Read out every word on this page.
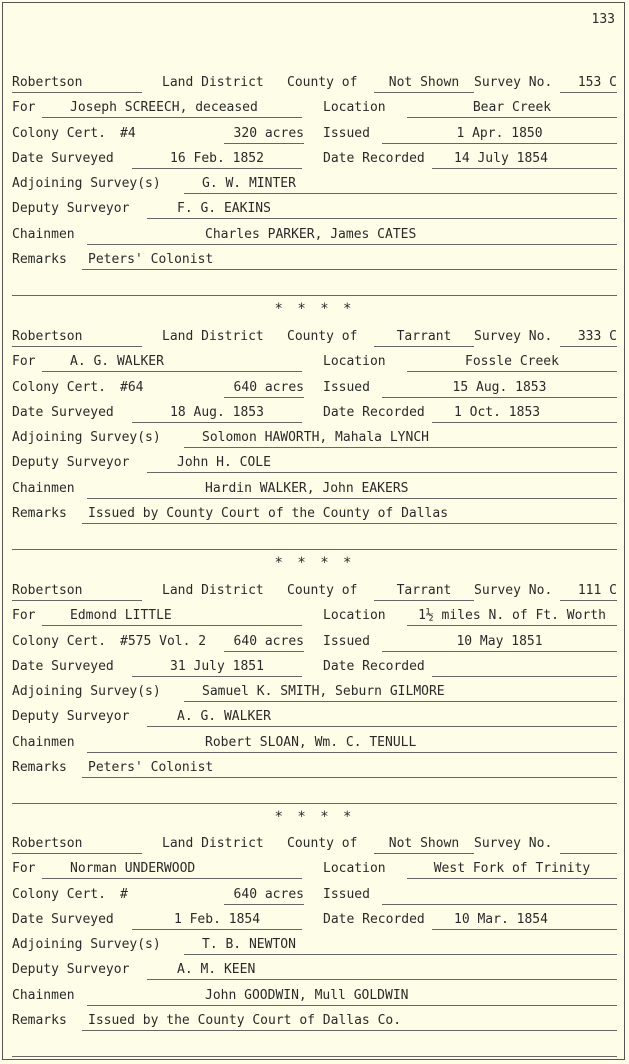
133
Robertson	Land District County of	Not Shown	Survey No. 153 C
For	Joseph SCREECH, deceased	Location	Bear Creek
Colony Cert. #4	320 acres Issued	1 Apr. 1850
Date Surveyed	16 Feb. 1852	Date Recorded 14 July 1854
Adjoining Survey(s)	G. W. MINTER
Deputy Surveyor	F. G. EAKINS
Chainmen	Charles PARKER, James CATES
Remarks Peters' Colonist
* * * *
Robertson	Land District County of	Tarrant	Survey No. 333 C
For	A. G. WALKER	Location	Fossle Creek
Colony Cert. #64	640 acres Issued	15 Aug. 1853
Date Surveyed	18 Aug. 1853	Date Recorded 1 Oct. 1853
Adjoining Survey(s)	Solomon HAWORTH, Mahala LYNCH
Deputy Surveyor	John H. COLE
Chainmen	Hardin WALKER, John EAKERS
Remarks Issued by County Court of the County of Dallas
* * * *
Robertson	Land District County of	Tarrant	Survey No. 111 C
For	Edmond LITTLE	Location	1½ miles N. of Ft. Worth
Colony Cert. #575 Vol. 2 640 acres Issued	10 May 1851
Date Surveyed	31 July 1851	Date Recorded
Adjoining Survey(s)	Samuel K. SMITH, Seburn GILMORE
Deputy Surveyor	A. G. WALKER
Chainmen	Robert SLOAN, Wm. C. TENULL
Remarks Peters' Colonist
* * * *
Robertson	Land District County of	Not Shown	Survey No.
For	Norman UNDERWOOD	Location	West Fork of Trinity
Colony Cert. #	640 acres Issued
Date Surveyed	1 Feb. 1854	Date Recorded 10 Mar. 1854
Adjoining Survey(s)	T. B. NEWTON
Deputy Surveyor	A. M. KEEN
Chainmen	John GOODWIN, Mull GOLDWIN
Remarks Issued by the County Court of Dallas Co.
